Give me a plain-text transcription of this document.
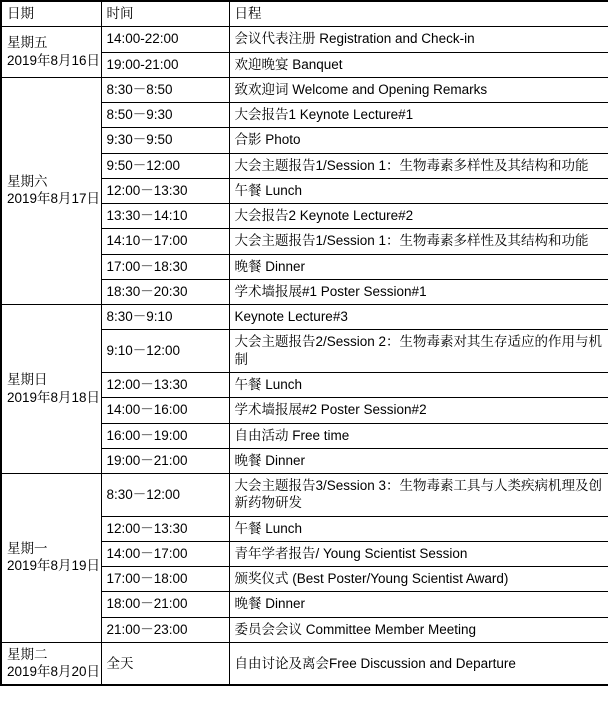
日期	时间	日程

星期五
2019年8月16日	14:00-22:00	会议代表注册 Registration and Check-in
	19:00-21:00	欢迎晚宴 Banquet

星期六
2019年8月17日	8:30－8:50	致欢迎词 Welcome and Opening Remarks
	8:50－9:30	大会报告1 Keynote Lecture#1
	9:30－9:50	合影 Photo
	9:50－12:00	大会主题报告1/Session 1：生物毒素多样性及其结构和功能
	12:00－13:30	午餐 Lunch
	13:30－14:10	大会报告2 Keynote Lecture#2
	14:10－17:00	大会主题报告1/Session 1：生物毒素多样性及其结构和功能
	17:00－18:30	晚餐 Dinner
	18:30－20:30	学术墙报展#1 Poster Session#1

星期日
2019年8月18日	8:30－9:10	Keynote Lecture#3
	9:10－12:00	大会主题报告2/Session 2：生物毒素对其生存适应的作用与机制
	12:00－13:30	午餐 Lunch
	14:00－16:00	学术墙报展#2 Poster Session#2
	16:00－19:00	自由活动 Free time
	19:00－21:00	晚餐 Dinner

星期一
2019年8月19日	8:30－12:00	大会主题报告3/Session 3：生物毒素工具与人类疾病机理及创新药物研发
	12:00－13:30	午餐 Lunch
	14:00－17:00	青年学者报告/ Young Scientist Session
	17:00－18:00	颁奖仪式 (Best Poster/Young Scientist Award)
	18:00－21:00	晚餐 Dinner
	21:00－23:00	委员会会议 Committee Member Meeting

星期二
2019年8月20日	全天	自由讨论及离会Free Discussion and Departure
